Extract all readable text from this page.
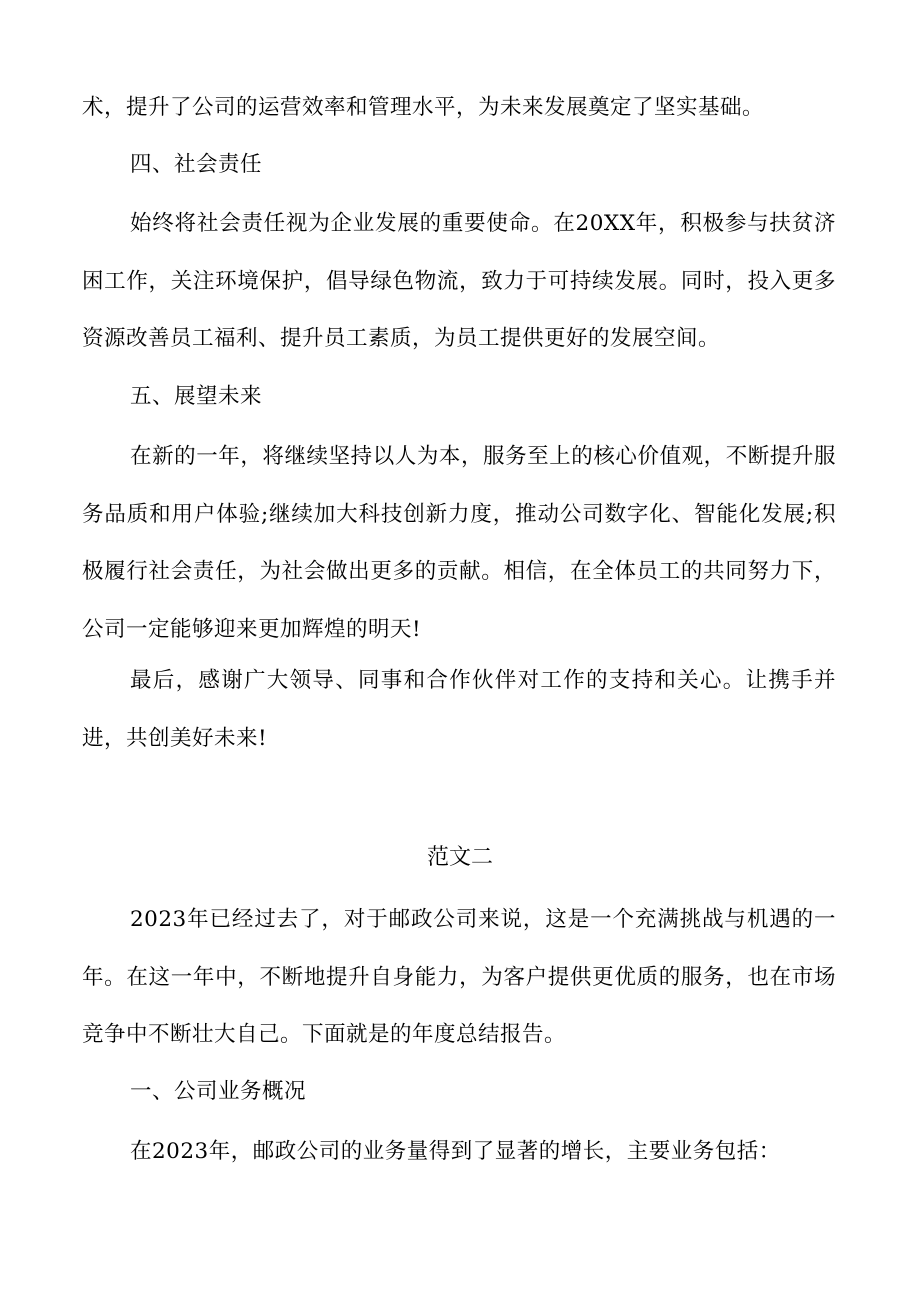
术，提升了公司的运营效率和管理水平，为未来发展奠定了坚实基础。

四、社会责任

始终将社会责任视为企业发展的重要使命。在20XX年，积极参与扶贫济困工作，关注环境保护，倡导绿色物流，致力于可持续发展。同时，投入更多资源改善员工福利、提升员工素质，为员工提供更好的发展空间。

五、展望未来

在新的一年，将继续坚持以人为本，服务至上的核心价值观，不断提升服务品质和用户体验;继续加大科技创新力度，推动公司数字化、智能化发展;积极履行社会责任，为社会做出更多的贡献。相信，在全体员工的共同努力下，公司一定能够迎来更加辉煌的明天!

最后，感谢广大领导、同事和合作伙伴对工作的支持和关心。让携手并进，共创美好未来!

范文二

2023年已经过去了，对于邮政公司来说，这是一个充满挑战与机遇的一年。在这一年中，不断地提升自身能力，为客户提供更优质的服务，也在市场竞争中不断壮大自己。下面就是的年度总结报告。

一、公司业务概况

在2023年，邮政公司的业务量得到了显著的增长，主要业务包括：
